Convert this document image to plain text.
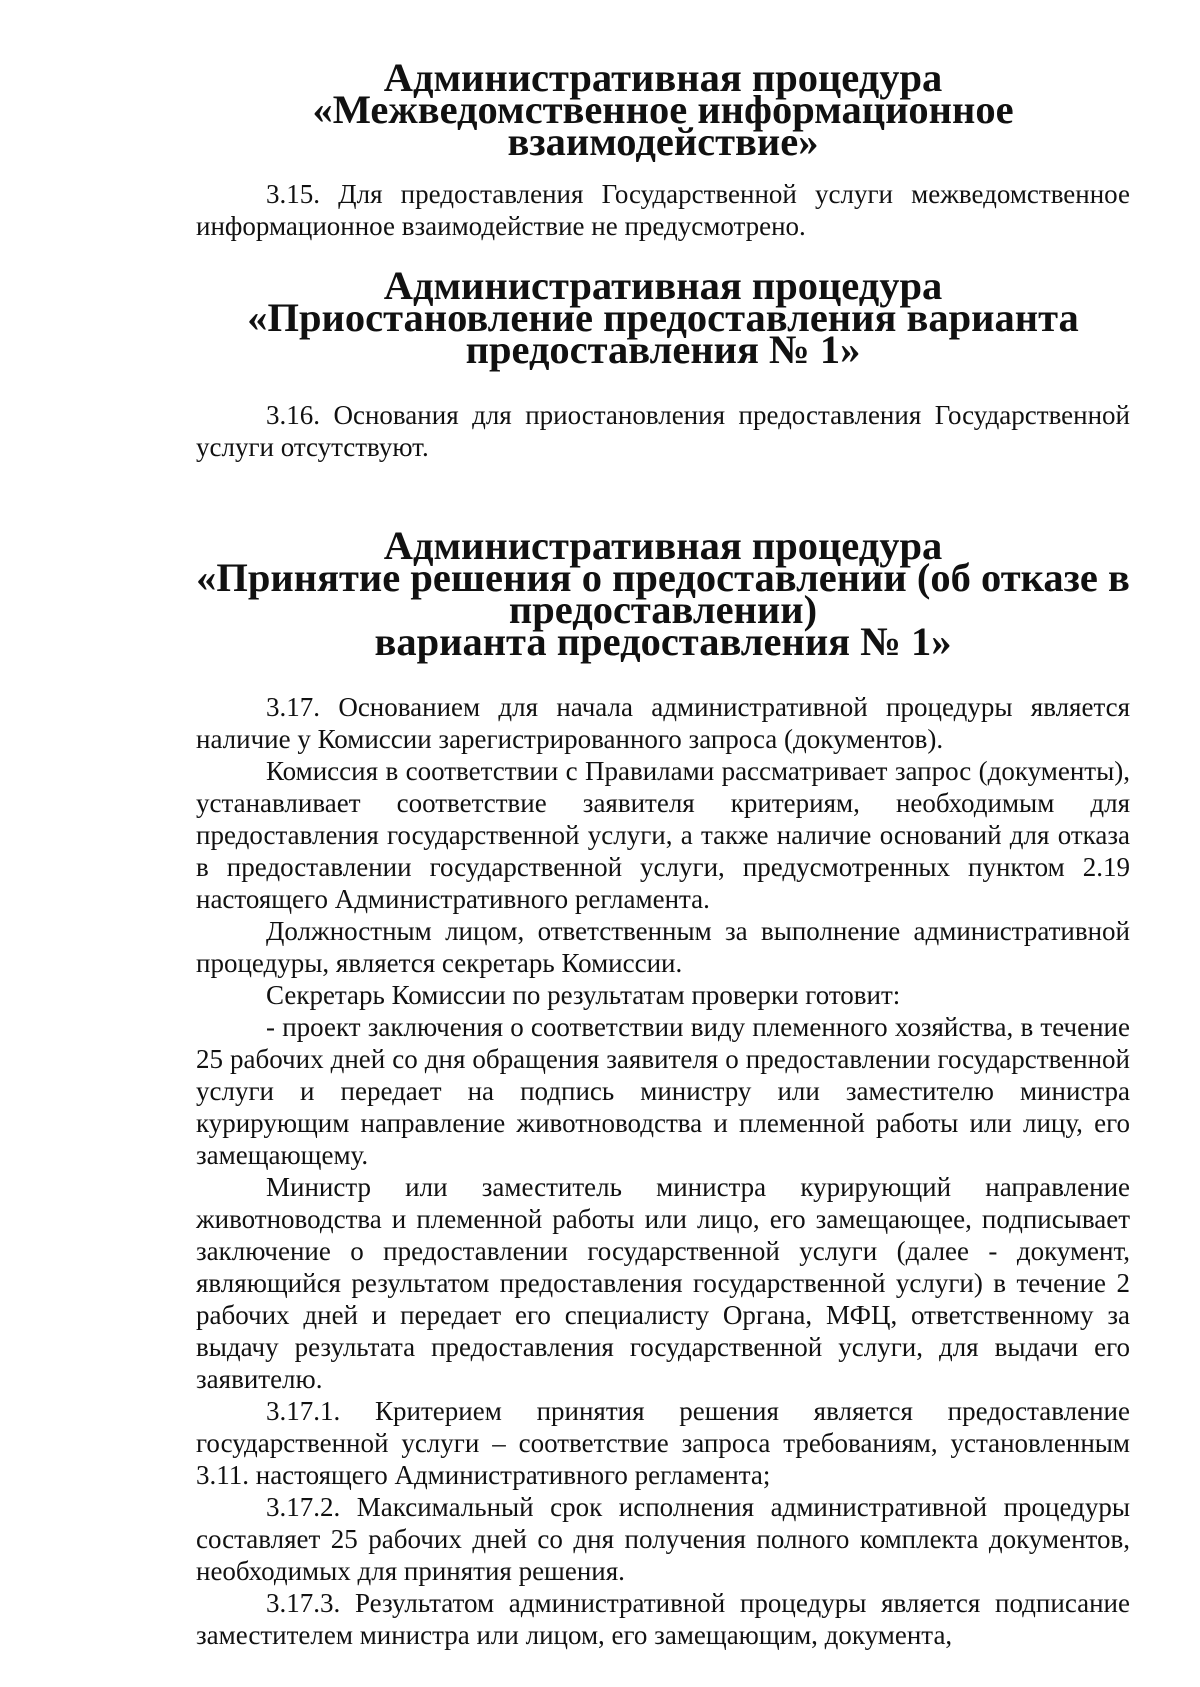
Административная процедура
«Межведомственное информационное взаимодействие»

3.15. Для предоставления Государственной услуги межведомственное информационное взаимодействие не предусмотрено.

Административная процедура
«Приостановление предоставления варианта предоставления № 1»

3.16. Основания для приостановления предоставления Государственной услуги отсутствуют.

Административная процедура
«Принятие решения о предоставлении (об отказе в предоставлении)
варианта предоставления № 1»

3.17. Основанием для начала административной процедуры является наличие у Комиссии зарегистрированного запроса (документов).

Комиссия в соответствии с Правилами рассматривает запрос (документы), устанавливает соответствие заявителя критериям, необходимым для предоставления государственной услуги, а также наличие оснований для отказа в предоставлении государственной услуги, предусмотренных пунктом 2.19 настоящего Административного регламента.

Должностным лицом, ответственным за выполнение административной процедуры, является секретарь Комиссии.

Секретарь Комиссии по результатам проверки готовит:

- проект заключения о соответствии виду племенного хозяйства, в течение 25 рабочих дней со дня обращения заявителя о предоставлении государственной услуги и передает на подпись министру или заместителю министра курирующим направление животноводства и племенной работы или лицу, его замещающему.

Министр или заместитель министра курирующий направление животноводства и племенной работы или лицо, его замещающее, подписывает заключение о предоставлении государственной услуги (далее - документ, являющийся результатом предоставления государственной услуги) в течение 2 рабочих дней и передает его специалисту Органа, МФЦ, ответственному за выдачу результата предоставления государственной услуги, для выдачи его заявителю.

3.17.1. Критерием принятия решения является предоставление государственной услуги – соответствие запроса требованиям, установленным 3.11. настоящего Административного регламента;

3.17.2. Максимальный срок исполнения административной процедуры составляет 25 рабочих дней со дня получения полного комплекта документов, необходимых для принятия решения.

3.17.3. Результатом административной процедуры является подписание заместителем министра или лицом, его замещающим, документа,
